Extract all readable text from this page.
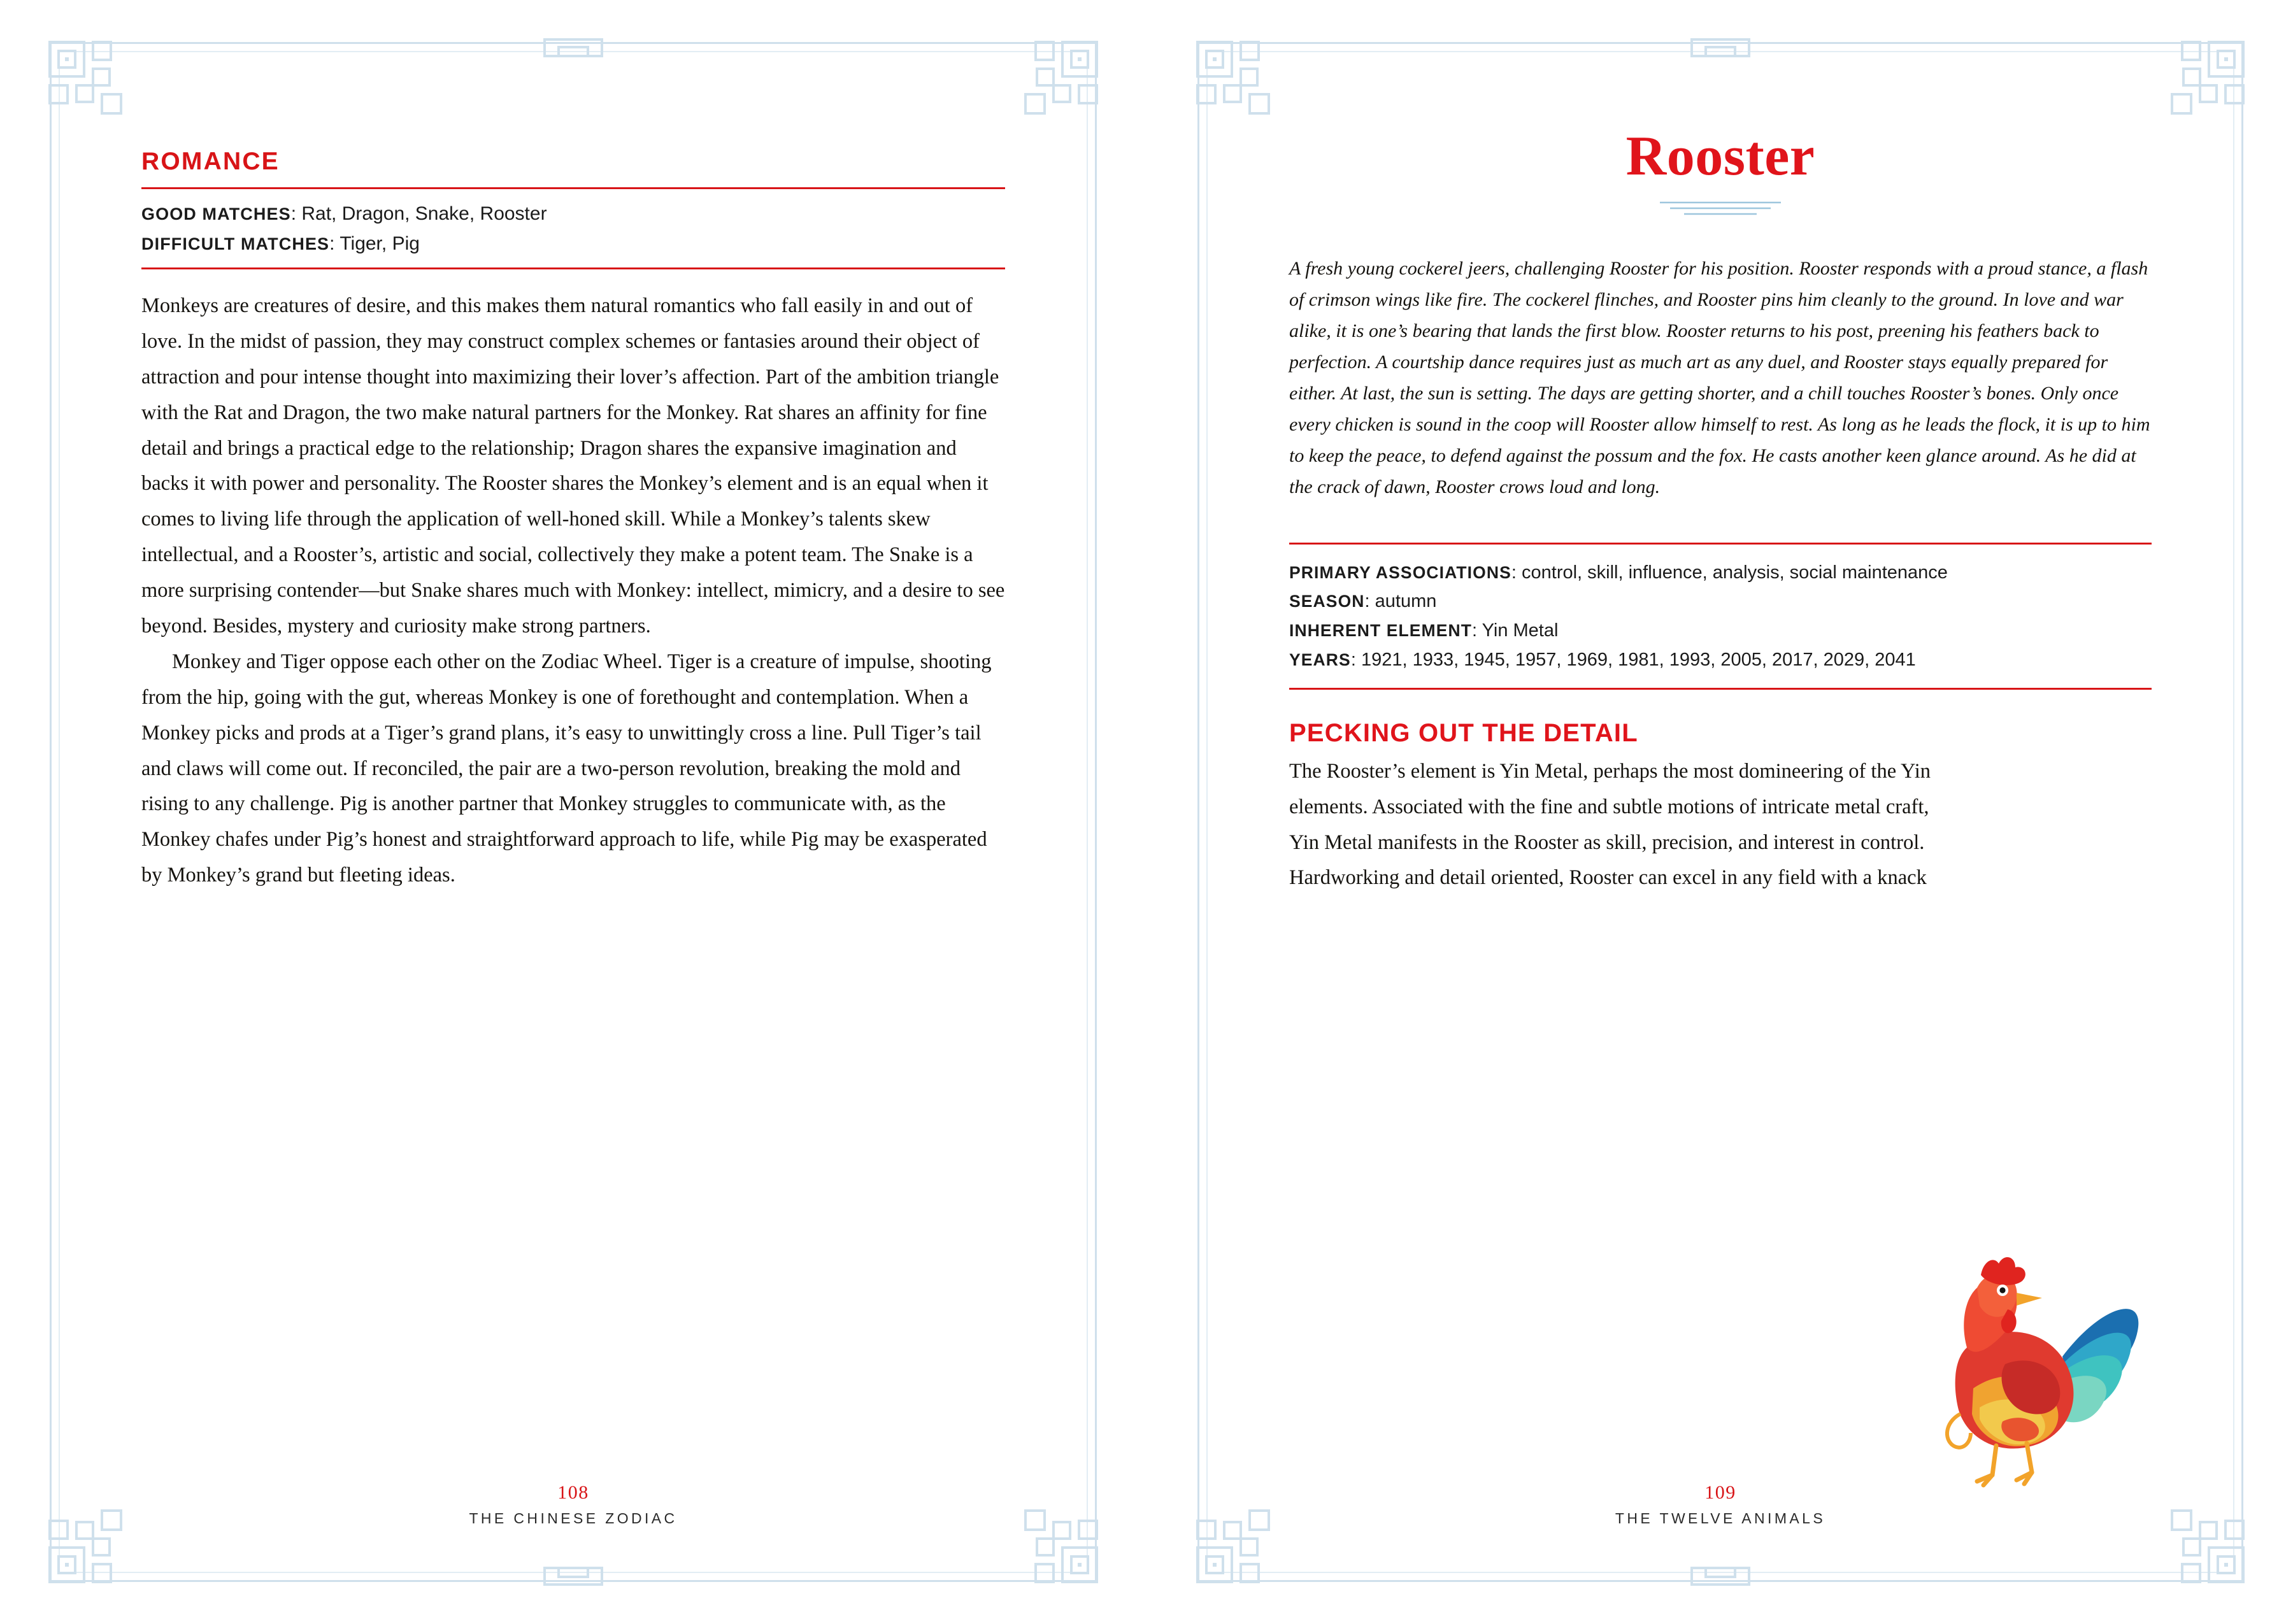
ROMANCE
GOOD MATCHES: Rat, Dragon, Snake, Rooster
DIFFICULT MATCHES: Tiger, Pig

Monkeys are creatures of desire, and this makes them natural romantics who fall easily in and out of love. In the midst of passion, they may construct complex schemes or fantasies around their object of attraction and pour intense thought into maximizing their lover’s affection. Part of the ambition triangle with the Rat and Dragon, the two make natural partners for the Monkey. Rat shares an affinity for fine detail and brings a practical edge to the relationship; Dragon shares the expansive imagination and backs it with power and personality. The Rooster shares the Monkey’s element and is an equal when it comes to living life through the application of well-honed skill. While a Monkey’s talents skew intellectual, and a Rooster’s, artistic and social, collectively they make a potent team. The Snake is a more surprising contender—but Snake shares much with Monkey: intellect, mimicry, and a desire to see beyond. Besides, mystery and curiosity make strong partners.

Monkey and Tiger oppose each other on the Zodiac Wheel. Tiger is a creature of impulse, shooting from the hip, going with the gut, whereas Monkey is one of forethought and contemplation. When a Monkey picks and prods at a Tiger’s grand plans, it’s easy to unwittingly cross a line. Pull Tiger’s tail and claws will come out. If reconciled, the pair are a two-person revolution, breaking the mold and rising to any challenge. Pig is another partner that Monkey struggles to communicate with, as the Monkey chafes under Pig’s honest and straightforward approach to life, while Pig may be exasperated by Monkey’s grand but fleeting ideas.

108
THE CHINESE ZODIAC
Rooster

A fresh young cockerel jeers, challenging Rooster for his position. Rooster responds with a proud stance, a flash of crimson wings like fire. The cockerel flinches, and Rooster pins him cleanly to the ground. In love and war alike, it is one’s bearing that lands the first blow. Rooster returns to his post, preening his feathers back to perfection. A courtship dance requires just as much art as any duel, and Rooster stays equally prepared for either. At last, the sun is setting. The days are getting shorter, and a chill touches Rooster’s bones. Only once every chicken is sound in the coop will Rooster allow himself to rest. As long as he leads the flock, it is up to him to keep the peace, to defend against the possum and the fox. He casts another keen glance around. As he did at the crack of dawn, Rooster crows loud and long.

PRIMARY ASSOCIATIONS: control, skill, influence, analysis, social maintenance
SEASON: autumn
INHERENT ELEMENT: Yin Metal
YEARS: 1921, 1933, 1945, 1957, 1969, 1981, 1993, 2005, 2017, 2029, 2041
PECKING OUT THE DETAIL

The Rooster’s element is Yin Metal, perhaps the most domineering of the Yin elements. Associated with the fine and subtle motions of intricate metal craft, Yin Metal manifests in the Rooster as skill, precision, and interest in control. Hardworking and detail oriented, Rooster can excel in any field with a knack

109
THE TWELVE ANIMALS
